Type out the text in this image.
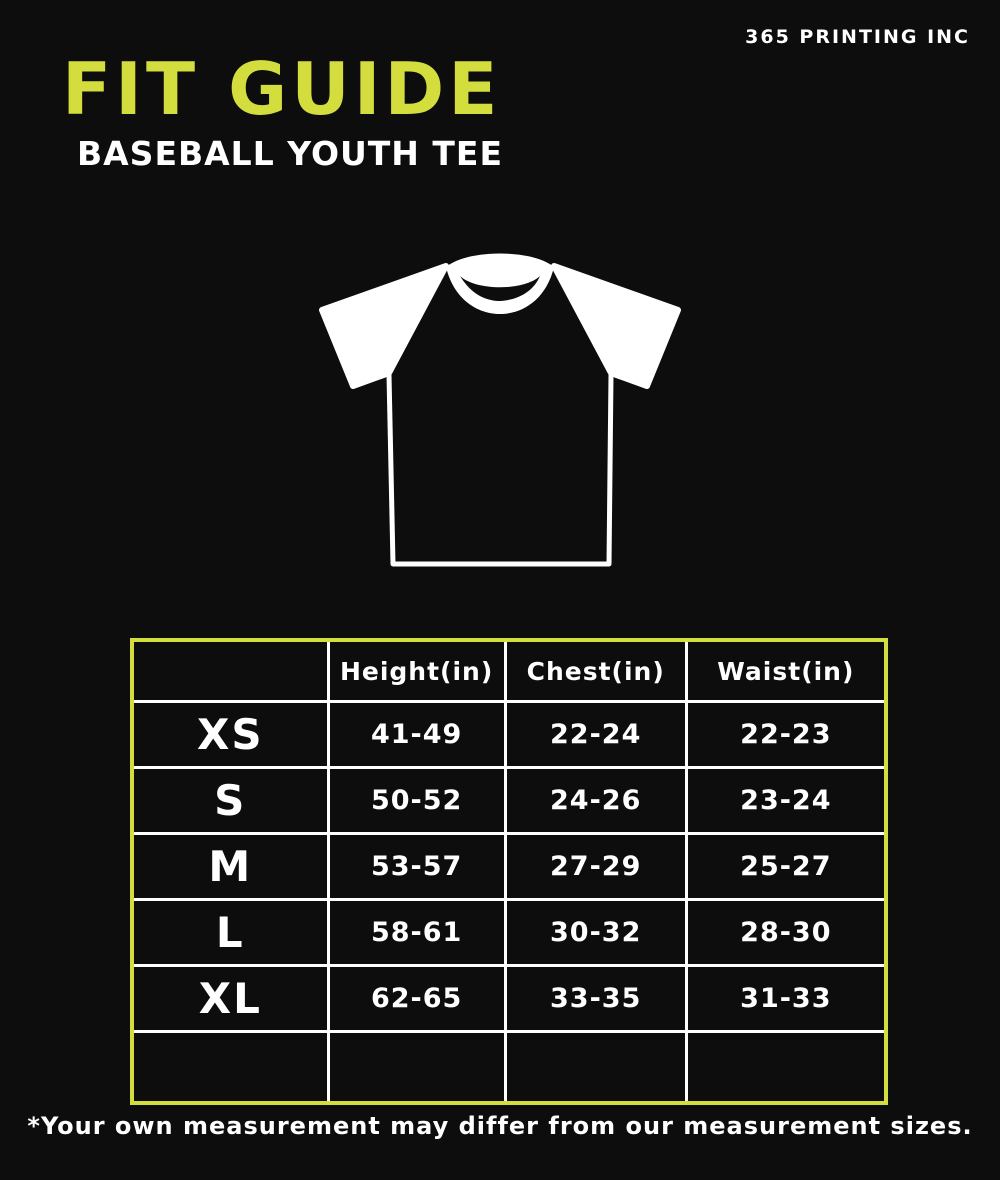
365 PRINTING INC
FIT GUIDE
BASEBALL YOUTH TEE
	Height(in)	Chest(in)	Waist(in)
XS	41-49	22-24	22-23
S	50-52	24-26	23-24
M	53-57	27-29	25-27
L	58-61	30-32	28-30
XL	62-65	33-35	31-33

*Your own measurement may differ from our measurement sizes.
